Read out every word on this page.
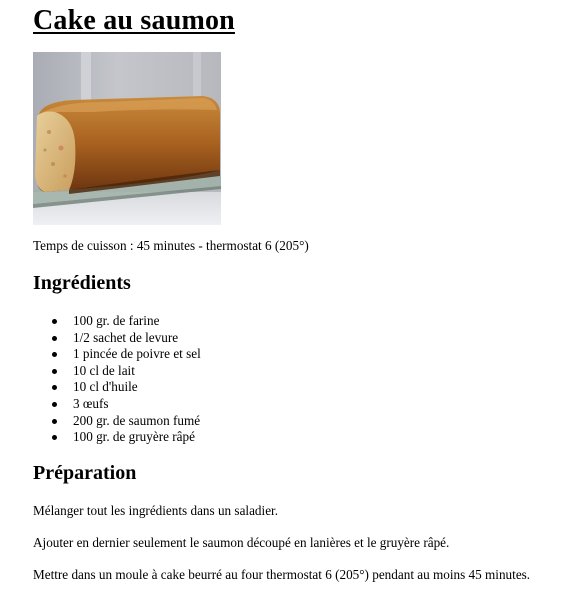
Cake au saumon
Temps de cuisson : 45 minutes - thermostat 6 (205°)
Ingrédients
100 gr. de farine
1/2 sachet de levure
1 pincée de poivre et sel
10 cl de lait
10 cl d'huile
3 œufs
200 gr. de saumon fumé
100 gr. de gruyère râpé
Préparation

Mélanger tout les ingrédients dans un saladier.

Ajouter en dernier seulement le saumon découpé en lanières et le gruyère râpé.

Mettre dans un moule à cake beurré au four thermostat 6 (205°) pendant au moins 45 minutes.
